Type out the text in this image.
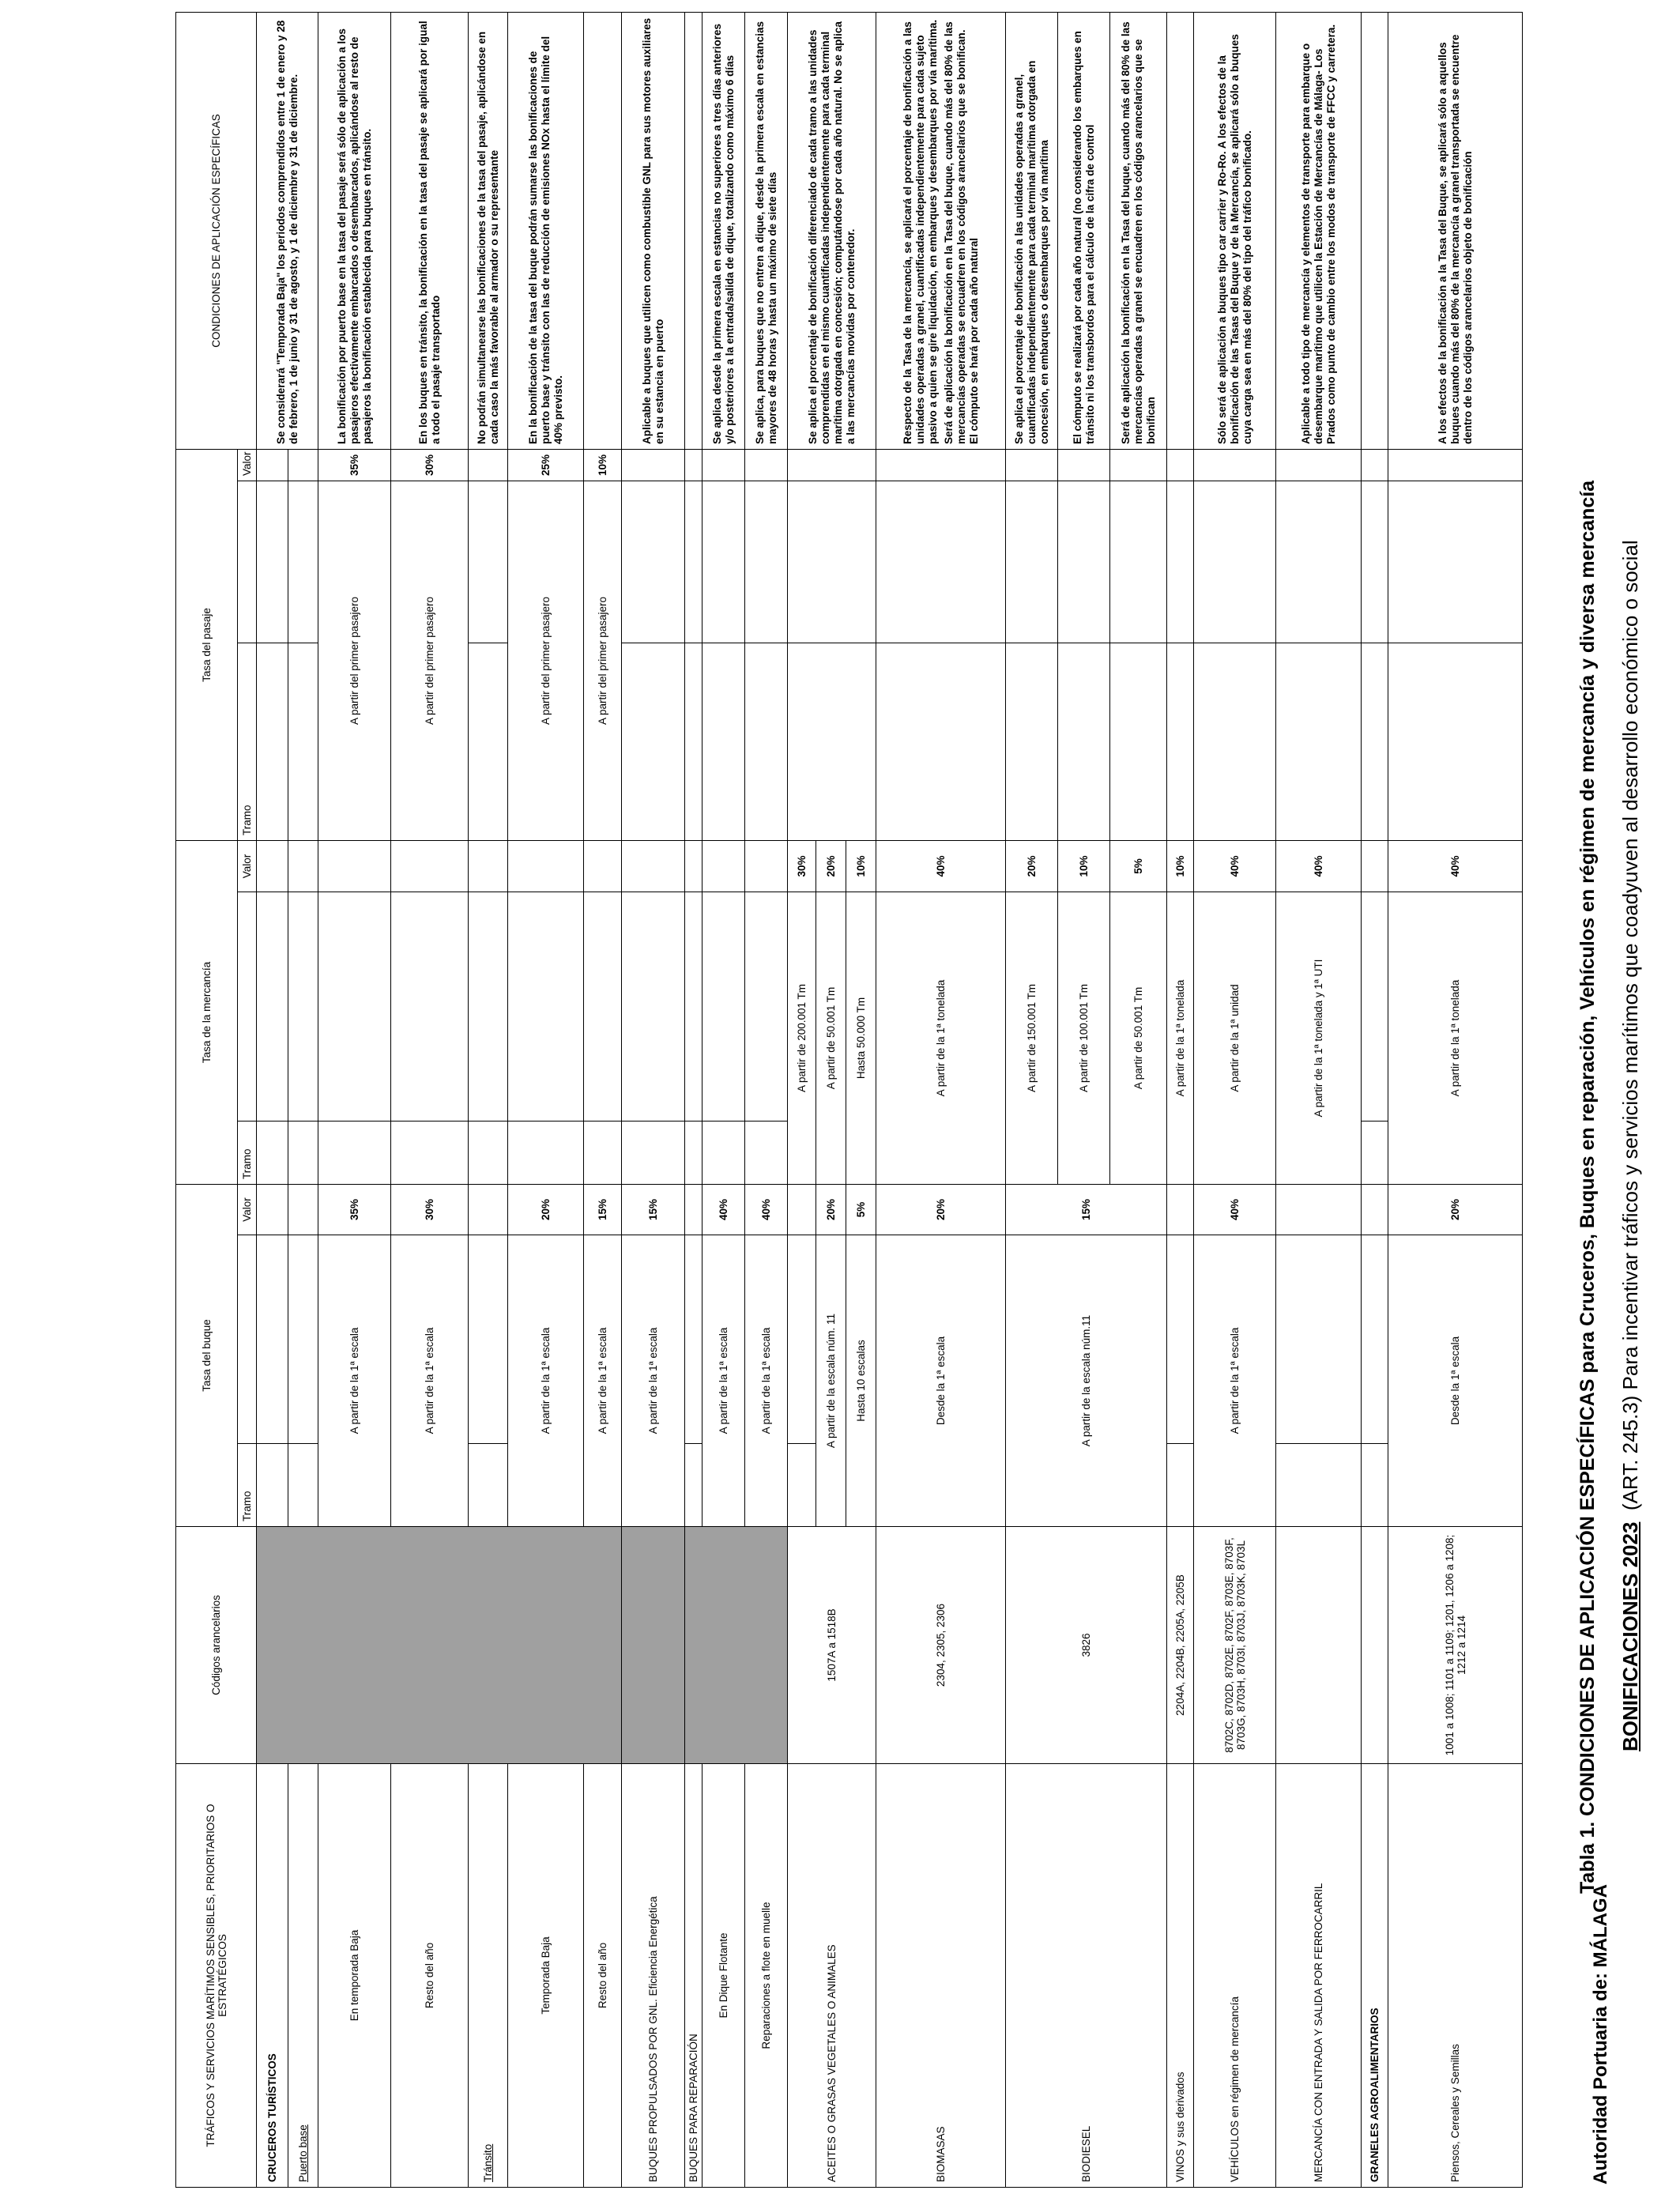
Autoridad Portuaria de: MÁLAGA
BONIFICACIONES 2023  (ART. 245.3) Para incentivar tráficos y servicios marítimos que coadyuven al desarrollo económico o social
Tabla 1. CONDICIONES DE APLICACIÓN ESPECÍFICAS para Cruceros, Buques en reparación, Vehículos en régimen de mercancía y diversa mercancía
TRÁFICOS Y SERVICIOS MARÍTIMOS SENSIBLES, PRIORITARIOS O ESTRATÉGICOS	Códigos arancelarios	Tasa del buque			Tasa de la mercancía			Tasa del pasaje			CONDICIONES DE APLICACIÓN ESPECÍFICAS
		Tramo		Valor	Tramo		Valor	Tramo		Valor	
CRUCEROS TURÍSTICOS											Se considerará "Temporada Baja" los periodos comprendidos entre 1 de enero y 28 de febrero, 1 de junio y 31 de agosto, y 1 de diciembre y 31 de diciembre.
Puerto base											
En temporada Baja		A partir de la 1ª escala		35%				A partir del primer pasajero		35%	La bonificación por puerto base en la tasa del pasaje será sólo de aplicación a los pasajeros efectivamente embarcados o desembarcados, aplicándose al resto de pasajeros la bonificación establecida para buques en tránsito.
Resto del año		A partir de la 1ª escala		30%				A partir del primer pasajero		30%	En los buques en tránsito, la bonificación en la tasa del pasaje se aplicará por igual a todo el pasaje transportado
Tránsito											No podrán simultanearse las bonificaciones de la tasa del pasaje, aplicándose en cada caso la más favorable al armador o su representante
Temporada Baja		A partir de la 1ª escala		20%				A partir del primer pasajero		25%	En la bonificación de la tasa del buque podrán sumarse las bonificaciones de puerto base y tránsito con las de reducción de emisiones NOx hasta el límite del 40% previsto.
Resto del año		A partir de la 1ª escala		15%				A partir del primer pasajero		10%	
BUQUES PROPULSADOS POR GNL. Eficiencia Energética		A partir de la 1ª escala		15%							Aplicable a buques que utilicen como combustible GNL para sus motores auxiliares en su estancia en puerto
BUQUES PARA REPARACIÓN											
En Dique Flotante		A partir de la 1ª escala		40%							Se aplica desde la primera escala en estancias no superiores a tres días anteriores y/o posteriores a la entrada/salida de dique, totalizando como máximo 6 días
Reparaciones a flote en muelle		A partir de la 1ª escala		40%							Se aplica, para buques que no entren a dique, desde la primera escala en estancias mayores de 48 horas y hasta un máximo de siete días
ACEITES O GRASAS VEGETALES O ANIMALES	1507A a 1518B				A partir de 200.001 Tm		30%				Se aplica el porcentaje de bonificación diferenciado de cada tramo a las unidades comprendidas en el mismo cuantificadas independientemente para cada terminal marítima otorgada en concesión; computándose por cada año natural. No se aplica a las mercancías movidas por contenedor.
		A partir de la escala núm. 11		20%	A partir de 50.001 Tm		20%				
		Hasta 10 escalas		5%	Hasta 50.000 Tm		10%				
BIOMASAS	2304, 2305, 2306	Desde la 1ª escala		20%	A partir de la 1ª tonelada		40%				Respecto de la Tasa de la mercancía, se aplicará el porcentaje de bonificación a las unidades operadas a granel, cuantificadas independientemente para cada sujeto pasivo a quien se gire liquidación, en embarques y desembarques por vía marítima. Será de aplicación la bonificación en la Tasa del buque, cuando más del 80% de las mercancías operadas se encuadren en los códigos arancelarios que se bonifican. El cómputo se hará por cada año natural

BIODIESEL	3826	A partir de la escala núm.11		15%	A partir de 150.001 Tm		20%				Se aplica el porcentaje de bonificación a las unidades operadas a granel, cuantificadas independientemente para cada terminal marítima otorgada en concesión, en embarques o desembarques por vía marítima
					A partir de 100.001 Tm		10%				El cómputo se realizará por cada año natural (no considerando los embarques en tránsito ni los transbordos para el cálculo de la cifra de control
					A partir de 50.001 Tm		5%				Será de aplicación la bonificación en la Tasa del buque, cuando más del 80% de las mercancías operadas a granel se encuadren en los códigos arancelarios que se bonifican
VINOS y sus derivados	2204A, 2204B, 2205A, 2205B				A partir de la 1ª tonelada		10%				
VEHÍCULOS en régimen de mercancía	8702C, 8702D, 8702E, 8702F, 8703E, 8703F, 8703G, 8703H, 8703I, 8703J, 8703K, 8703L	A partir de la 1ª escala		40%	A partir de la 1ª unidad		40%				Sólo será de aplicación a buques tipo car carrier y Ro-Ro. A los efectos de la bonificación de las Tasas del Buque y de la Mercancía, se aplicará sólo a buques cuya carga sea en más del 80% del tipo del tráfico bonificado.
MERCANCÍA CON ENTRADA Y SALIDA POR FERROCARRIL					A partir de la 1ª tonelada y 1ª UTI		40%				Aplicable a todo tipo de mercancía y elementos de transporte para embarque o desembarque marítimo que utilicen la Estación de Mercancías de Málaga- Los Prados como punto de cambio entre los modos de transporte de FFCC y carretera.
GRANELES AGROALIMENTARIOS											
Piensos, Cereales y Semillas	1001 a 1008; 1101 a 1109; 1201, 1206 a 1208; 1212 a 1214	Desde la 1ª escala		20%	A partir de la 1ª tonelada		40%				A los efectos de la bonificación a la Tasa del Buque, se aplicará sólo a aquellos buques cuando más del 80% de la mercancía a granel transportada se encuentre dentro de los códigos arancelarios objeto de bonificación
